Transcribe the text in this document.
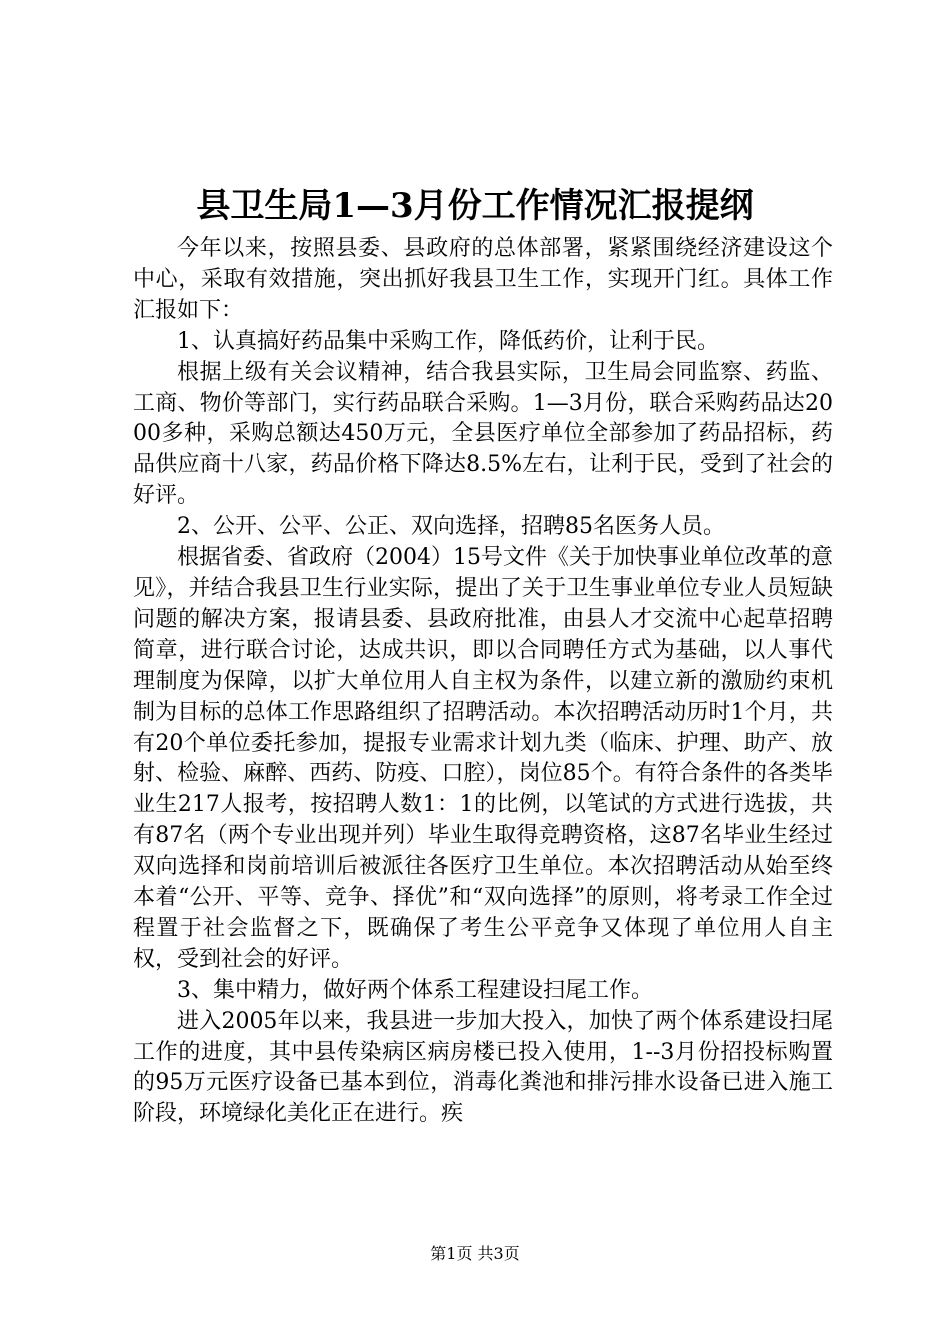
县卫生局1—3月份工作情况汇报提纲

今年以来，按照县委、县政府的总体部署，紧紧围绕经济建设这个中心，采取有效措施，突出抓好我县卫生工作，实现开门红。具体工作汇报如下：

1、认真搞好药品集中采购工作，降低药价，让利于民。

根据上级有关会议精神，结合我县实际，卫生局会同监察、药监、工商、物价等部门，实行药品联合采购。1—3月份，联合采购药品达2000多种，采购总额达450万元，全县医疗单位全部参加了药品招标，药品供应商十八家，药品价格下降达8.5%左右，让利于民，受到了社会的好评。

2、公开、公平、公正、双向选择，招聘85名医务人员。

根据省委、省政府（2004）15号文件《关于加快事业单位改革的意见》，并结合我县卫生行业实际，提出了关于卫生事业单位专业人员短缺问题的解决方案，报请县委、县政府批准，由县人才交流中心起草招聘简章，进行联合讨论，达成共识，即以合同聘任方式为基础，以人事代理制度为保障，以扩大单位用人自主权为条件，以建立新的激励约束机制为目标的总体工作思路组织了招聘活动。本次招聘活动历时1个月，共有20个单位委托参加，提报专业需求计划九类（临床、护理、助产、放射、检验、麻醉、西药、防疫、口腔），岗位85个。有符合条件的各类毕业生217人报考，按招聘人数1：1的比例，以笔试的方式进行选拔，共有87名（两个专业出现并列）毕业生取得竞聘资格，这87名毕业生经过双向选择和岗前培训后被派往各医疗卫生单位。本次招聘活动从始至终本着“公开、平等、竞争、择优”和“双向选择”的原则，将考录工作全过程置于社会监督之下，既确保了考生公平竞争又体现了单位用人自主权，受到社会的好评。

3、集中精力，做好两个体系工程建设扫尾工作。

进入2005年以来，我县进一步加大投入，加快了两个体系建设扫尾工作的进度，其中县传染病区病房楼已投入使用，1--3月份招投标购置的95万元医疗设备已基本到位，消毒化粪池和排污排水设备已进入施工阶段，环境绿化美化正在进行。疾

第1页 共3页
